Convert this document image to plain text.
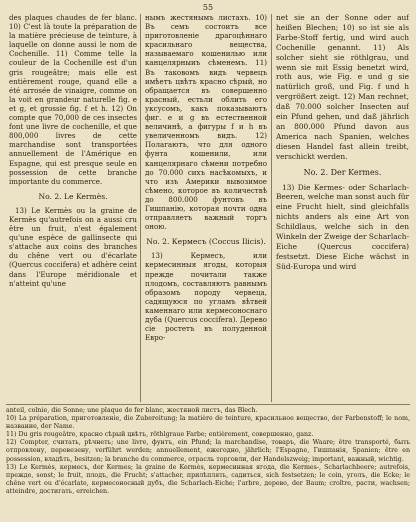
55

des plaques chaudes de fer blanc. 10) C'est là toute la préparation de la matière précieuse de teinture, à laquelle on donne aussi le nom de Cochenille. 11) Comme telle la couleur de la Cochenille est d'un gris rougeâtre; mais elle est entièrement rouge, quand elle a été arrosée de vinaigre, comme on la voit en grandeur naturelle fig. e et g, et grossie fig. f et h. 12) On compte que 70,000 de ces insectes font une livre de cochenille, et que 800,000 livres de cette marchandise sont transportées annuellement de l'Amérique en Espagne, qui est presque seule en possession de cette branche importante du commerce.

No. 2. Le Kermès.

13) Le Kermès ou la graine de Kermès qu'autrefois on a aussi cru être un fruit, n'est également qu'une espèce de gallinsecte qui s'attache aux coins des branches du chêne vert ou d'écarlate (Quercus coccifera) et adhère ceint dans l'Europe méridionale et n'atteint qu'une

нымъ жестянымъ листахъ. 10) Въ семъ состоитъ все приготовленіе драгоцѣннаго красильнаго вещества, называемаго кошенилью или канцелярныиъ сѣменемъ. 11) Въ таковомъ видъ червецъ имѣетъ цвѣтъ красно сѣрый, но обращается въ совершенно красный, естьли облить его уксусомъ, какъ показываютъ фиг. e и g въ естественной величинѣ, а фигуры f и h въ увеличенномъ видъ. 12) Полагаютъ, что для одного фунта кошенили, или канцелярнаго сѣмени потребно до 70.000 сихъ насѣкомыхъ, и что изъ Америки вывозимое сѣмено, которое въ количествѣ до 800.000 фунтовъ въ Гишпанію, которая почти одна отправляетъ важный торгъ оною.

No. 2. Кермесъ (Coccus Ilicis).

13) Кермесъ, или кермесинныя ягоды, которыя прежде почитали также плодомъ, составляютъ равнымъ образомъ породу червеца, садящуюся по угламъ вѣтвей каменнаго или кермесоноснаго дуба (Quercus coccifera). Дерево сіе ростетъ въ полуденной Евро-

net sie an der Sonne oder auf heißen Blechen; 10) so ist sie als Farbe-Stoff fertig, und wird auch Cochenille genannt. 11) Als solcher sieht sie röthlgrau, und wenn sie mit Essig benetzt wird, roth aus, wie Fig. e und g sie natürlich groß, und Fig. f und h vergrößert zeigt. 12) Man rechnet, daß 70.000 solcher Insecten auf ein Pfund gehen, und daß jährlich an 800.000 Pfund davon aus America nach Spanien, welches diesen Handel fast allein treibt, verschickt werden.

No. 2. Der Kermes.

13) Die Kermes- oder Scharlach-Beeren, welche man sonst auch für eine Frucht hielt, sind gleichfalls nichts anders als eine Art von Schildlaus, welche sich in den Winkeln der Zweige der Scharlach-Eiche (Quercus coccifera) festsetzt. Diese Eiche wächst in Süd-Europa und wird

anteil, colnie, die Sonne; une plaque de fer blanc, жестяной листъ, das Blech.

10) La préparation, приготовленіе, die Zubereitung; la matière de teinture, красильное вещество, der Farbenstoff; le nom, название, der Name.

11) Du gris rougeâtre, красно сѣрый цвѣтъ, röthlgraue Farbe; entièrement, совершенно, ganz.

12) Compter, считать, рѣчнеть; une livre, фунтъ, ein Pfund; la marchandise, товаръ, die Waare; être transporté, быть отпровлену, перевезену, verführt werden; annuellement, ежегодно, jährlich; l'Espagne, Гишпанія, Spanien; être en possession, владѣть, besitzen; la branche du commerce, отрасль торговли, der Handelszweig; important, важный, wichtig.

13) Le Kermès, кермесъ, der Kermes; la graine de Kermès, кермесинная ягода, die Kermes-, Scharlachbeere; autrefois, прежде, sonst; le fruit, плодъ, die Frucht; s'attacher, прилѣплять, садиться, sich festsetzen; le coin, уголъ, die Ecke; le chêne vert ou d'écarlate, кермесоносный дубъ, die Scharlach-Eiche; l'arbre, дерево, der Baum; croître, расти, wachsen; atteindre, достигать, erreichen.
